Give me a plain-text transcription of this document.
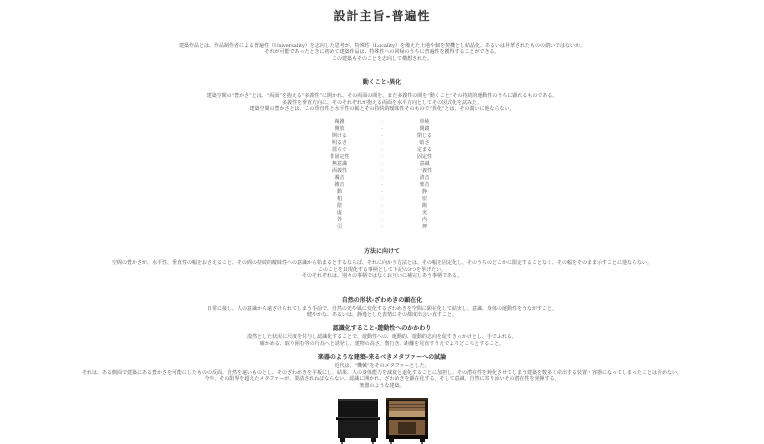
設計主旨-普遍性
建築作品とは、作品制作者による普遍性（Universality）を志向した思考が、特殊性（Locality）を備えた土地や個を契機とし結晶化、あるいは昇華されたものの謂いではないか。
それが可能であったときに初めて建築作品は、特殊性への回帰のうちに普遍性を獲得することができる。
この建築もそのことを志向して構想された。
動くこと-異化
建築空間の“豊かさ”とは、“両面”を抱える“多義性”に開かれ、その両面の間を、また多義性の間を“動くこと”その持続的運動性のうちに顕れるものである。
多義性を垂直方向に、そのそれぞれが抱える両面を水平方向としてその図式化を試みた。
建築空間の豊かさとは、この垂直性と水平性の幅とその持続的曖昧性そのもので“異化”とは、その謂いに他ならない。
複雑	-	単純
開放	-	閉鎖
開ける	-	閉じる
明るさ	-	暗さ
揺らぐ	-	定まる
非固定性	-	固定性
無意識	-	意識
両義性	-	一義性
濁音	-	清音
雑音	-	楽音
動	-	静
粗	-	密
陰	-	陽
虚	-	実
外	-	内
引	-	押
方法に向けて
空間の豊かさが、水平性、垂直性の幅をおさえること、その間の持続的曖昧性への意識から始まるとするならば、それに向かう方法とは、その幅を固定化し、そのうちのどこかに限定することなく、その幅をそのまま示すことに他ならない。
このことを具現化する事柄として下記の3つを挙げたい。
そのそれぞれは、別々の事柄ではなくお互いに補完しあう事柄である。
自然の形状-ざわめきの顕在化
日常に接し、人の意識から遠ざけられてしまう手前で、自然の光や風に変化するざわめきを空間に顕在化して結実し、意識、身体の運動性をうながすこと。
健やかな、あるいは、静逸とした表情にその都度出会い直すこと。
認識化すること-遊動性へのかかわり
漠然とした状況に尺度を付与し認識化することで、遊動性への、運動的、遊動的志向を促すきっかけとし、手でふれる、
確かめる、取り囲む等の行為へと誘発し、建物の高さ、奥行き、距離を見直すうえでよりどころとすること。
楽器のような建築-来るべきメタファーへの試論
近代は、“機械”をそのメタファーとした。
それは、ある側面で建築にある豊かさを可能にしたものの反面、自然を遠いものとし、そのざわめきを平板にし、結果、人の身体能力を減衰と退化することに加担し、その潜在性を鈍化させてしまう建築を数多く産出する装置・容器になってしまったことは否めない。
今や、その限界を超えたメタファーが、要請されねばならない。認識に開かれ、ざわめきを顕在化する、そして意識、自然に寄り添いその潜在性を発揮する、
楽器のような建築。
